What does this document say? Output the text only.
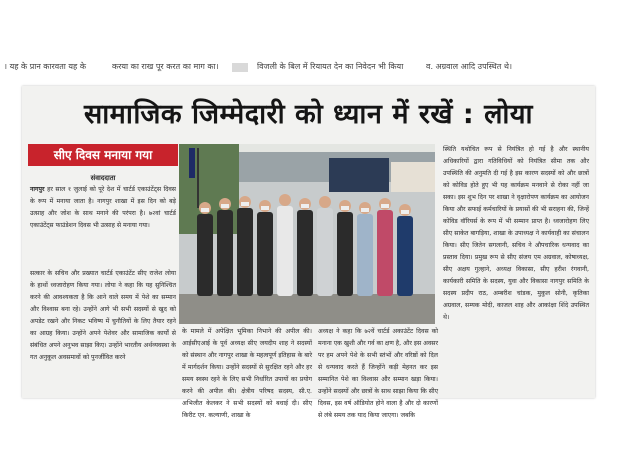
। यह के प्रान कारवता यह के	करया का राख पूर करत का माग का।	विजली के बिल में रियायत देन का निवेदन भी किया	व. अग्रवाल आदि उपस्थित थे।
सामाजिक जिम्मेदारी को ध्यान में रखें : लोया
सीए दिवस मनाया गया
संवाददाता

नागपुर हर साल १ जुलाई को पूरे देश में चार्टर्ड एकाउंटेंट्स दिवस के रूप में मनाया जाता है। नागपुर शाखा में इस दिन को बड़े उत्साह और जोश के साथ मनाने की परंपरा है। ७२वां चार्टर्ड एकाउंटेंट्स फाउंडेशन दिवस भी उत्साह से मनाया गया।

सत्कार के सचिव और प्रख्यात चार्टर्ड एकाउंटेंट सीए राजेश लोया के हाथों ध्वजारोहण किया गया। लोया ने कहा कि यह सुनिश्चित करने की आवश्यकता है कि आने वाले समय में पेशे का सम्मान और विश्वास बना रहे। उन्होंने आगे भी सभी सदस्यों से खुद को अपडेट रखने और निकट भविष्य में चुनौतियों के लिए तैयार रहने का आग्रह किया। उन्होंने अपने पेशेवर और सामाजिक कार्यों से संबंधित अपने अनुभव साझा किए। उन्होंने भारतीय अर्थव्यवस्था के गत अनुकूल अवसमावों को पुनर्जीवित करने

के मामले में अपेक्षित भूमिका निभाने की अपील की। आईसीएआई के पूर्व अध्यक्ष सीए जयदीप शाह ने सदस्यों को संस्थान और नागपुर शाखा के महत्वपूर्ण इतिहास के बारे में मार्गदर्शन किया। उन्होंने सदस्यों से सुरक्षित रहने और हर समय स्वस्थ रहने के लिए सभी निर्धारित उपायों का प्रयोग करने की अपील की। क्षेत्रीय परिषद सदस्य, सी.ए. अभिजीत केलकर ने सभी सदस्यों को बधाई दी। सीए किरीट एन. कल्याणी, शाखा के

अध्यक्ष ने कहा कि ७२वें चार्टर्ड अकाउंटेंट दिवस को मनाना एक खुशी और गर्व का क्षण है, और इस अवसर पर हम अपने पेशे के सभी स्तंभों और वरिष्ठों को दिल से धन्यवाद करते हैं जिन्होंने कड़ी मेहनत कर इस सम्मानित पेशे का विश्वास और सम्मान खड़ा किया। उन्होंने सदस्यों और छात्रों के साथ साझा किया कि सीए दिवस, इस वर्ष ऑडियोत होने वाला है और दो कारणों से लंबे समय तक याद किया जाएगा। जबकि

स्थिति यथोचित रूप से नियंत्रित हो गई है और स्थानीय अधिकारियों द्वारा गतिविधियों को नियंत्रित सीमा तक और उपस्थिति की अनुमति दी गई है इस कारण सदस्यों को और छात्रों को कोविड होते हुए भी यह कार्यक्रम मनवाने से रोका नहीं जा सका। इस शुभ दिन पर शाखा ने वृक्षारोपण कार्यक्रम का आयोजन किया और सफाई कर्मचारियों के प्रयासों की भी सराहना की, जिन्हें कोविड वॉरियर्स के रूप में भी सम्मान प्राप्त है। ध्वजारोहण लिए सीए साकेत बागड़िया, शाखा के उपाध्यक्ष ने कार्यवाही का संचालन किया। सीए जितेन सगलानी, सचिव ने औपचारिक धन्यवाद का प्रस्ताव दिया। प्रमुख रूप से सीए संजय एम अग्रवाल, कोषाध्यक्ष, सीए अक्षय गुल्हाने, अध्यक्ष विकासा, सीए हरीश रंगवानी, कार्यकारी समिति के सदस्य, युवा और विकासा नागपुर समिति के सदस्य प्रदीप राठ, अम्बरीश चांडक, मुकुल सोनी, कृतिका अग्रवाल, सम्यक मोदी, काजल शाह और आकांक्षा शिंदे उपस्थित थे।
